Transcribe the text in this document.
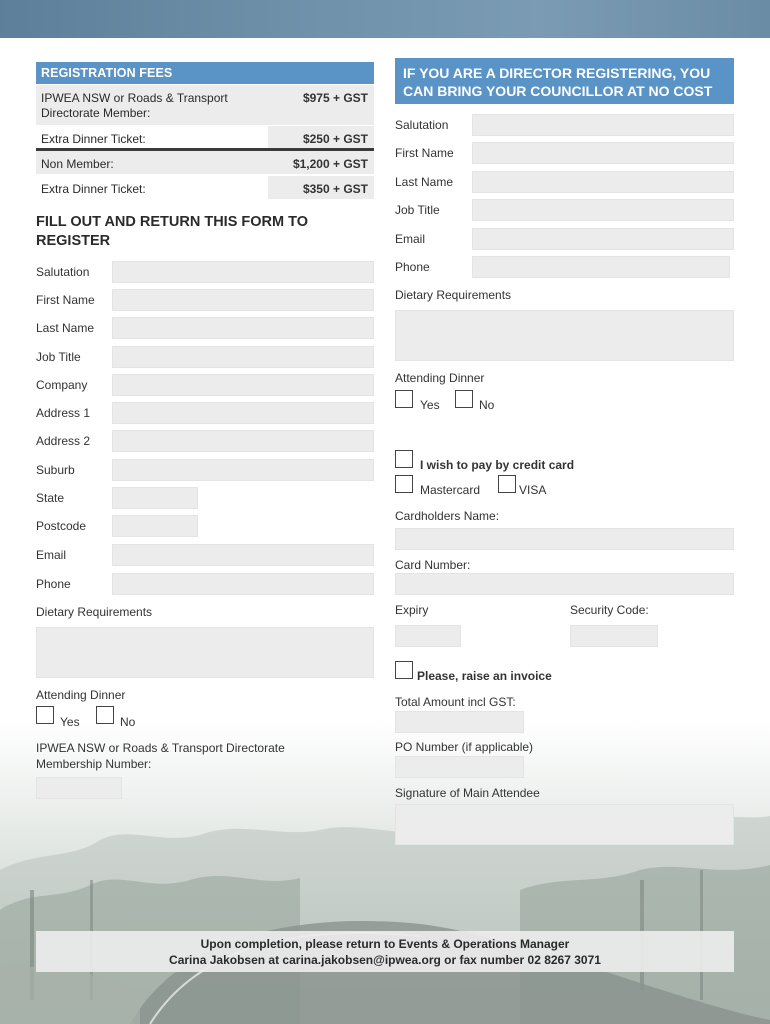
REGISTRATION FEES
IPWEA NSW or Roads & Transport Directorate Member:
$975 + GST
Extra Dinner Ticket:	$250 + GST
Non Member:	$1,200 + GST
Extra Dinner Ticket:	$350 + GST
FILL OUT AND RETURN THIS FORM TO REGISTER
Salutation
First Name
Last Name
Job Title
Company
Address 1
Address 2
Suburb
State
Postcode
Email
Phone
Dietary Requirements
Attending Dinner
Yes	No
IPWEA NSW or Roads & Transport Directorate Membership Number:
IF YOU ARE A DIRECTOR REGISTERING, YOU CAN BRING YOUR COUNCILLOR AT NO COST
Salutation
First Name
Last Name
Job Title
Email
Phone
Dietary Requirements
Attending Dinner
Yes	No
I wish to pay by credit card
Mastercard	VISA
Cardholders Name:
Card Number:
Expiry	Security Code:
Please, raise an invoice
Total Amount incl GST:
PO Number (if applicable)
Signature of Main Attendee
Upon completion, please return to Events & Operations Manager
Carina Jakobsen at carina.jakobsen@ipwea.org or fax number 02 8267 3071
